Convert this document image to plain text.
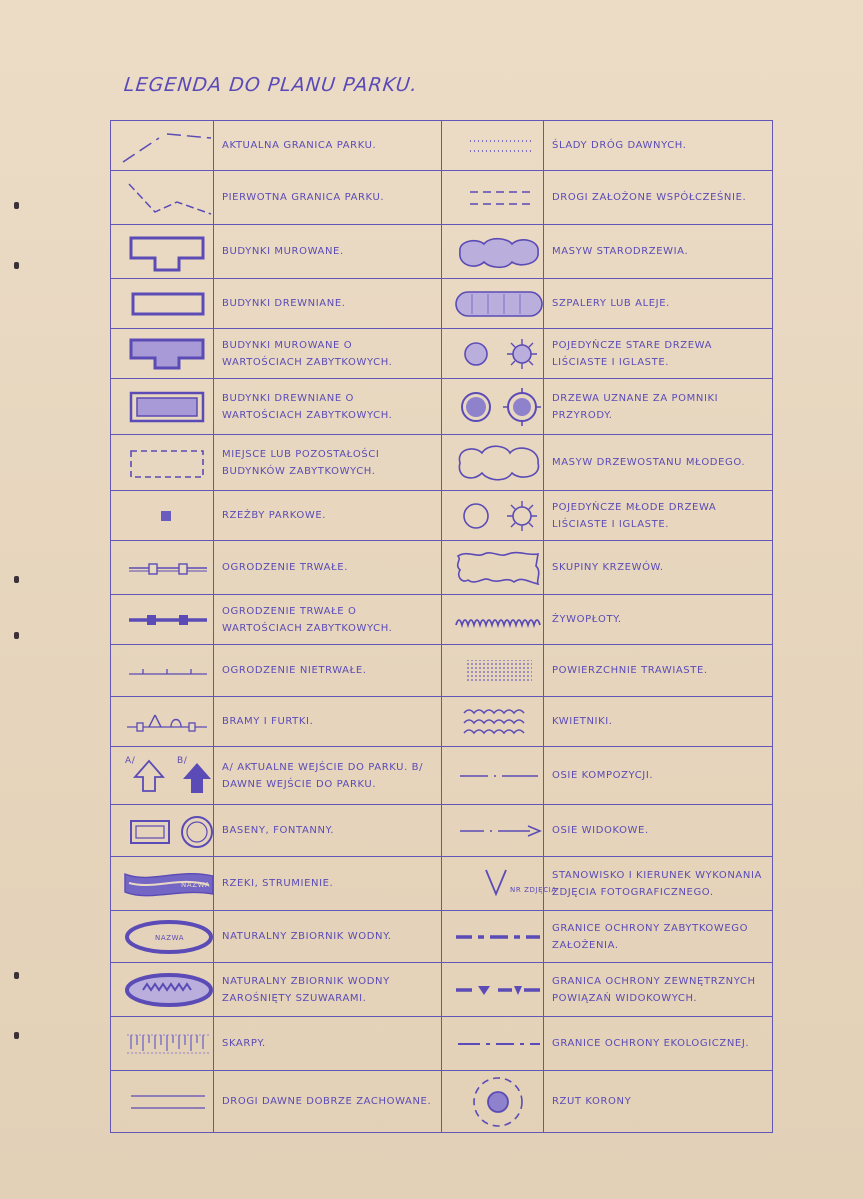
LEGENDA DO PLANU PARKU.
	AKTUALNA GRANICA PARKU.		ŚLADY DRÓG DAWNYCH.

	PIERWOTNA GRANICA PARKU.		DROGI ZAŁOŻONE WSPÓŁCZEŚNIE.

	BUDYNKI MUROWANE.		MASYW STARODRZEWIA.

	BUDYNKI DREWNIANE.		SZPALERY LUB ALEJE.

	BUDYNKI MUROWANE O WARTOŚCIACH ZABYTKOWYCH.		POJEDYŃCZE STARE DRZEWA LIŚCIASTE I IGLASTE.

	BUDYNKI DREWNIANE O WARTOŚCIACH ZABYTKOWYCH.		DRZEWA UZNANE ZA POMNIKI PRZYRODY.

	MIEJSCE LUB POZOSTAŁOŚCI BUDYNKÓW ZABYTKOWYCH.		MASYW DRZEWOSTANU MŁODEGO.

	RZEŹBY PARKOWE.		POJEDYŃCZE MŁODE DRZEWA LIŚCIASTE I IGLASTE.

	OGRODZENIE TRWAŁE.		SKUPINY KRZEWÓW.

	OGRODZENIE TRWAŁE O WARTOŚCIACH ZABYTKOWYCH.		ŻYWOPŁOTY.

	OGRODZENIE NIETRWAŁE.		POWIERZCHNIE TRAWIASTE.

	BRAMY I FURTKI.		KWIETNIKI.

A/ B/	A/ AKTUALNE WEJŚCIE DO PARKU. B/ DAWNE WEJŚCIE DO PARKU.		OSIE KOMPOZYCJI.

	BASENY, FONTANNY.		OSIE WIDOKOWE.

NAZWA	RZEKI, STRUMIENIE.	NR ZDJĘCIA	STANOWISKO I KIERUNEK WYKONANIA ZDJĘCIA FOTOGRAFICZNEGO.

NAZWA	NATURALNY ZBIORNIK WODNY.		GRANICE OCHRONY ZABYTKOWEGO ZAŁOŻENIA.

	NATURALNY ZBIORNIK WODNY ZAROŚNIĘTY SZUWARAMI.		GRANICA OCHRONY ZEWNĘTRZNYCH POWIĄZAŃ WIDOKOWYCH.

	SKARPY.		GRANICE OCHRONY EKOLOGICZNEJ.

	DROGI DAWNE DOBRZE ZACHOWANE.		RZUT KORONY
